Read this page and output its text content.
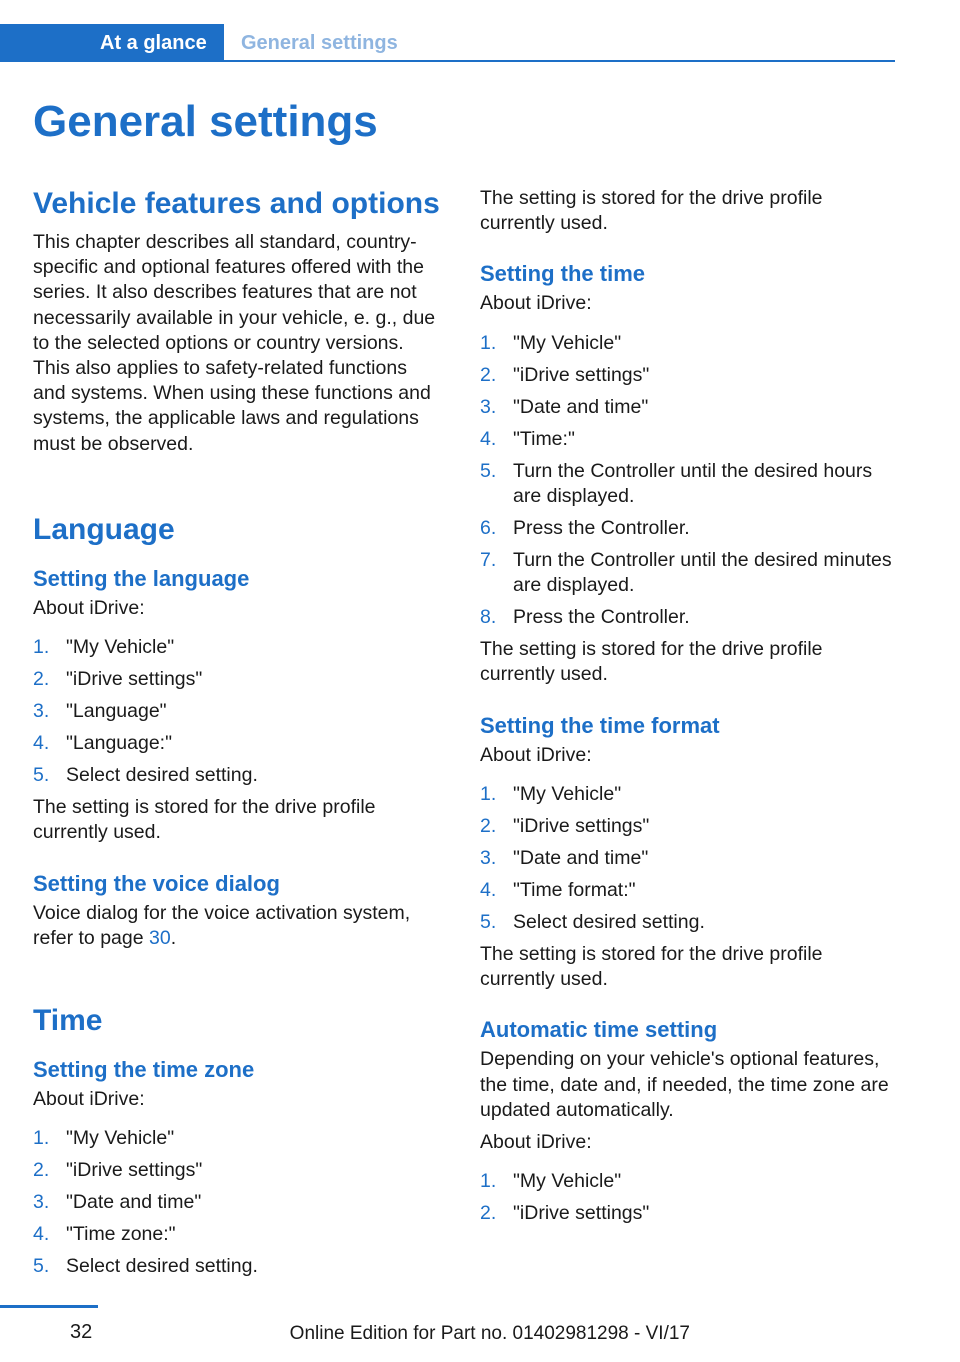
At a glance	General settings
General settings
Vehicle features and options

This chapter describes all standard, country-specific and optional features offered with the series. It also describes features that are not necessarily available in your vehicle, e. g., due to the selected options or country versions. This also applies to safety-related functions and systems. When using these functions and systems, the applicable laws and regulations must be observed.

Language
Setting the language

About iDrive:

1. "My Vehicle"
2. "iDrive settings"
3. "Language"
4. "Language:"
5. Select desired setting.

The setting is stored for the drive profile currently used.

Setting the voice dialog

Voice dialog for the voice activation system, refer to page 30.

Time
Setting the time zone

About iDrive:

1. "My Vehicle"
2. "iDrive settings"
3. "Date and time"
4. "Time zone:"
5. Select desired setting.

The setting is stored for the drive profile currently used.

Setting the time

About iDrive:

1. "My Vehicle"
2. "iDrive settings"
3. "Date and time"
4. "Time:"
5. Turn the Controller until the desired hours are displayed.
6. Press the Controller.
7. Turn the Controller until the desired minutes are displayed.
8. Press the Controller.

The setting is stored for the drive profile currently used.

Setting the time format

About iDrive:

1. "My Vehicle"
2. "iDrive settings"
3. "Date and time"
4. "Time format:"
5. Select desired setting.

The setting is stored for the drive profile currently used.

Automatic time setting

Depending on your vehicle's optional features, the time, date and, if needed, the time zone are updated automatically.

About iDrive:

1. "My Vehicle"
2. "iDrive settings"
32	Online Edition for Part no. 01402981298 - VI/17
